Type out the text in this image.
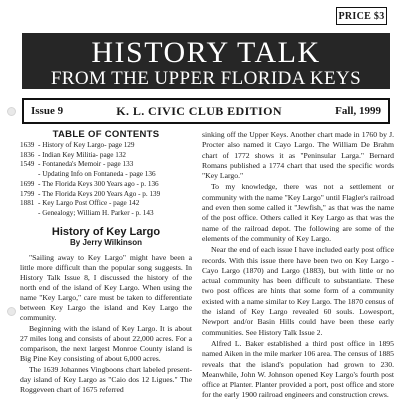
PRICE $3
HISTORY TALK
FROM THE UPPER FLORIDA KEYS
Issue 9	K. L. CIVIC CLUB EDITION	Fall, 1999
TABLE OF CONTENTS
1639 - History of Key Largo- page 129
1836 - Indian Key Militia- page 132
1549 - Fontaneda's Memoir - page 133
- Updating Info on Fontaneda - page 136
1699 - The Florida Keys 300 Years ago - p. 136
1799 - The Florida Keys 200 Years Ago - p. 139
1881 - Key Largo Post Office - page 142
- Genealogy; William H. Parker - p. 143
History of Key Largo
By Jerry Wilkinson

"Sailing away to Key Largo" might have been a little more difficult than the popular song suggests. In History Talk Issue 8, I discussed the history of the north end of the island of Key Largo. When using the name "Key Largo," care must be taken to differentiate between Key Largo the island and Key Largo the community.

Beginning with the island of Key Largo. It is about 27 miles long and consists of about 22,000 acres. For a comparison, the next largest Monroe County island is Big Pine Key consisting of about 6,000 acres.

The 1639 Johannes Vingboons chart labeled present-day island of Key Largo as "Caio dos 12 Ligues." The Roggeveen chart of 1675 referred

sinking off the Upper Keys. Another chart made in 1760 by J. Procter also named it Cayo Largo. The William De Brahm chart of 1772 shows it as "Peninsular Larga." Bernard Romans published a 1774 chart that used the specific words "Key Largo."

To my knowledge, there was not a settlement or community with the name "Key Largo" until Flagler's railroad and even then some called it "Jewfish," as that was the name of the post office. Others called it Key Largo as that was the name of the railroad depot. The following are some of the elements of the community of Key Largo.

Near the end of each issue I have included early post office records. With this issue there have been two on Key Largo - Cayo Largo (1870) and Largo (1883), but with little or no actual community has been difficult to substantiate. These two post offices are hints that some form of a community existed with a name similar to Key Largo. The 1870 census of the island of Key Largo revealed 60 souls. Lowesport, Newport and/or Basin Hills could have been these early communities. See History Talk Issue 2.

Alfred L. Baker established a third post office in 1895 named Aiken in the mile marker 106 area. The census of 1885 reveals that the island's population had grown to 230. Meanwhile, John W. Johnson opened Key Largo's fourth post office at Planter. Planter provided a port, post office and store for the early 1900 railroad engineers and construction crews.
